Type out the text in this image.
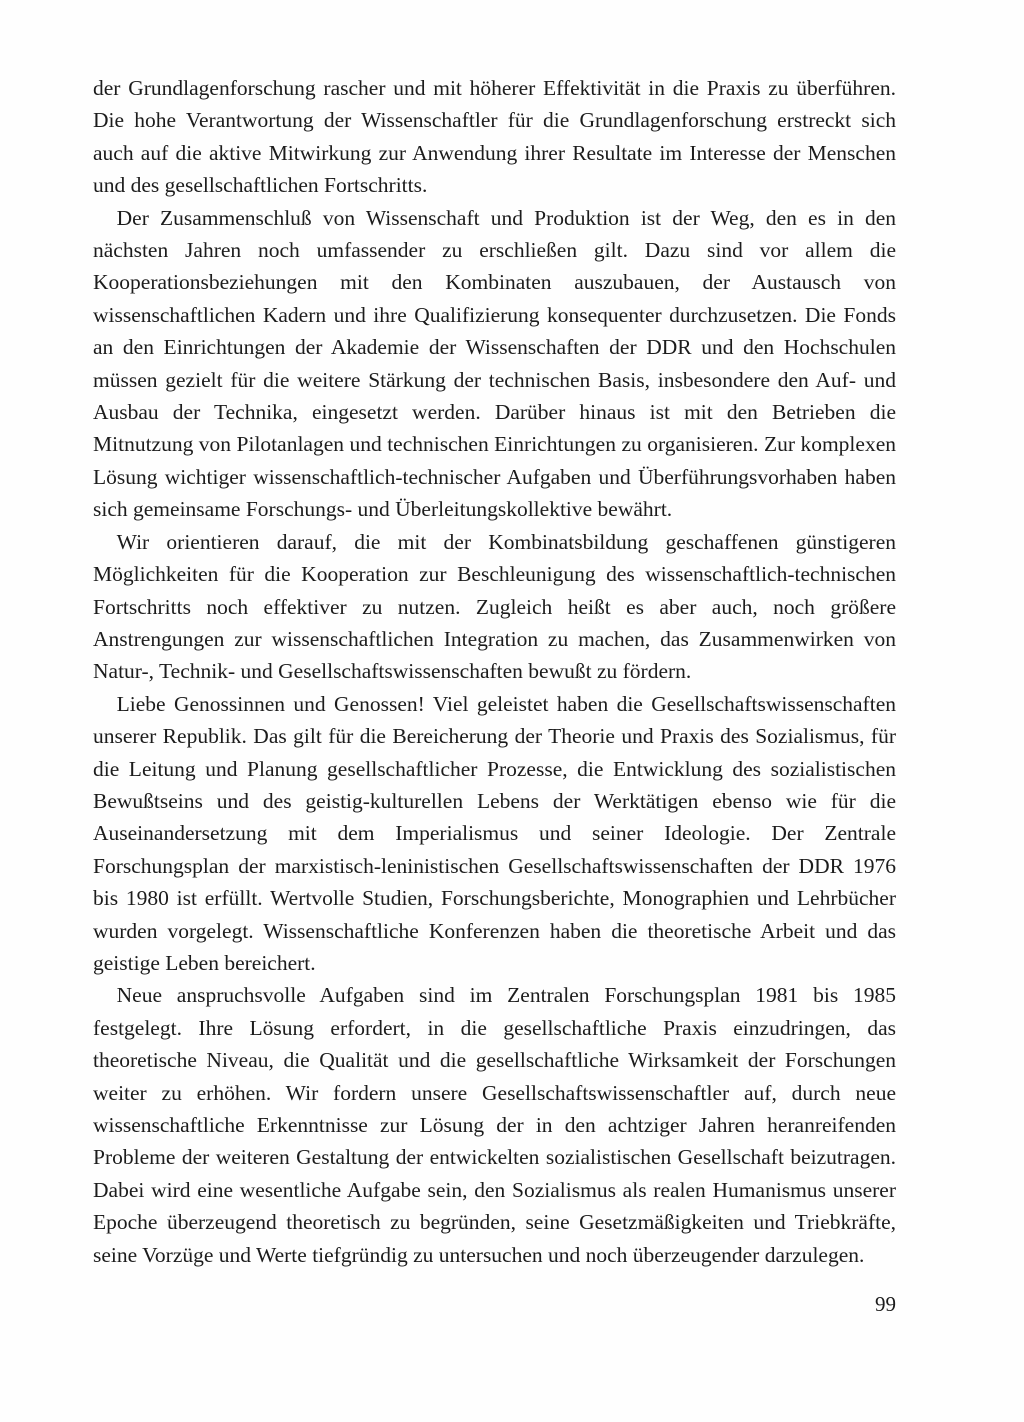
der Grundlagenforschung rascher und mit höherer Effektivität in die Praxis zu überführen. Die hohe Verantwortung der Wissenschaftler für die Grundlagenforschung erstreckt sich auch auf die aktive Mitwirkung zur Anwendung ihrer Resultate im Interesse der Menschen und des gesellschaftlichen Fortschritts.

Der Zusammenschluß von Wissenschaft und Produktion ist der Weg, den es in den nächsten Jahren noch umfassender zu erschließen gilt. Dazu sind vor allem die Kooperationsbeziehungen mit den Kombinaten auszubauen, der Austausch von wissenschaftlichen Kadern und ihre Qualifizierung konsequenter durchzusetzen. Die Fonds an den Einrichtungen der Akademie der Wissenschaften der DDR und den Hochschulen müssen gezielt für die weitere Stärkung der technischen Basis, insbesondere den Auf- und Ausbau der Technika, eingesetzt werden. Darüber hinaus ist mit den Betrieben die Mitnutzung von Pilotanlagen und technischen Einrichtungen zu organisieren. Zur komplexen Lösung wichtiger wissenschaftlich-technischer Aufgaben und Überführungsvorhaben haben sich gemeinsame Forschungs- und Überleitungskollektive bewährt.

Wir orientieren darauf, die mit der Kombinatsbildung geschaffenen günstigeren Möglichkeiten für die Kooperation zur Beschleunigung des wissenschaftlich-technischen Fortschritts noch effektiver zu nutzen. Zugleich heißt es aber auch, noch größere Anstrengungen zur wissenschaftlichen Integration zu machen, das Zusammenwirken von Natur-, Technik- und Gesellschaftswissenschaften bewußt zu fördern.

Liebe Genossinnen und Genossen! Viel geleistet haben die Gesellschaftswissenschaften unserer Republik. Das gilt für die Bereicherung der Theorie und Praxis des Sozialismus, für die Leitung und Planung gesellschaftlicher Prozesse, die Entwicklung des sozialistischen Bewußtseins und des geistig-kulturellen Lebens der Werktätigen ebenso wie für die Auseinandersetzung mit dem Imperialismus und seiner Ideologie. Der Zentrale Forschungsplan der marxistisch-leninistischen Gesellschaftswissenschaften der DDR 1976 bis 1980 ist erfüllt. Wertvolle Studien, Forschungsberichte, Monographien und Lehrbücher wurden vorgelegt. Wissenschaftliche Konferenzen haben die theoretische Arbeit und das geistige Leben bereichert.

Neue anspruchsvolle Aufgaben sind im Zentralen Forschungsplan 1981 bis 1985 festgelegt. Ihre Lösung erfordert, in die gesellschaftliche Praxis einzudringen, das theoretische Niveau, die Qualität und die gesellschaftliche Wirksamkeit der Forschungen weiter zu erhöhen. Wir fordern unsere Gesellschaftswissenschaftler auf, durch neue wissenschaftliche Erkenntnisse zur Lösung der in den achtziger Jahren heranreifenden Probleme der weiteren Gestaltung der entwickelten sozialistischen Gesellschaft beizutragen. Dabei wird eine wesentliche Aufgabe sein, den Sozialismus als realen Humanismus unserer Epoche überzeugend theoretisch zu begründen, seine Gesetzmäßigkeiten und Triebkräfte, seine Vorzüge und Werte tiefgründig zu untersuchen und noch überzeugender darzulegen.

99
